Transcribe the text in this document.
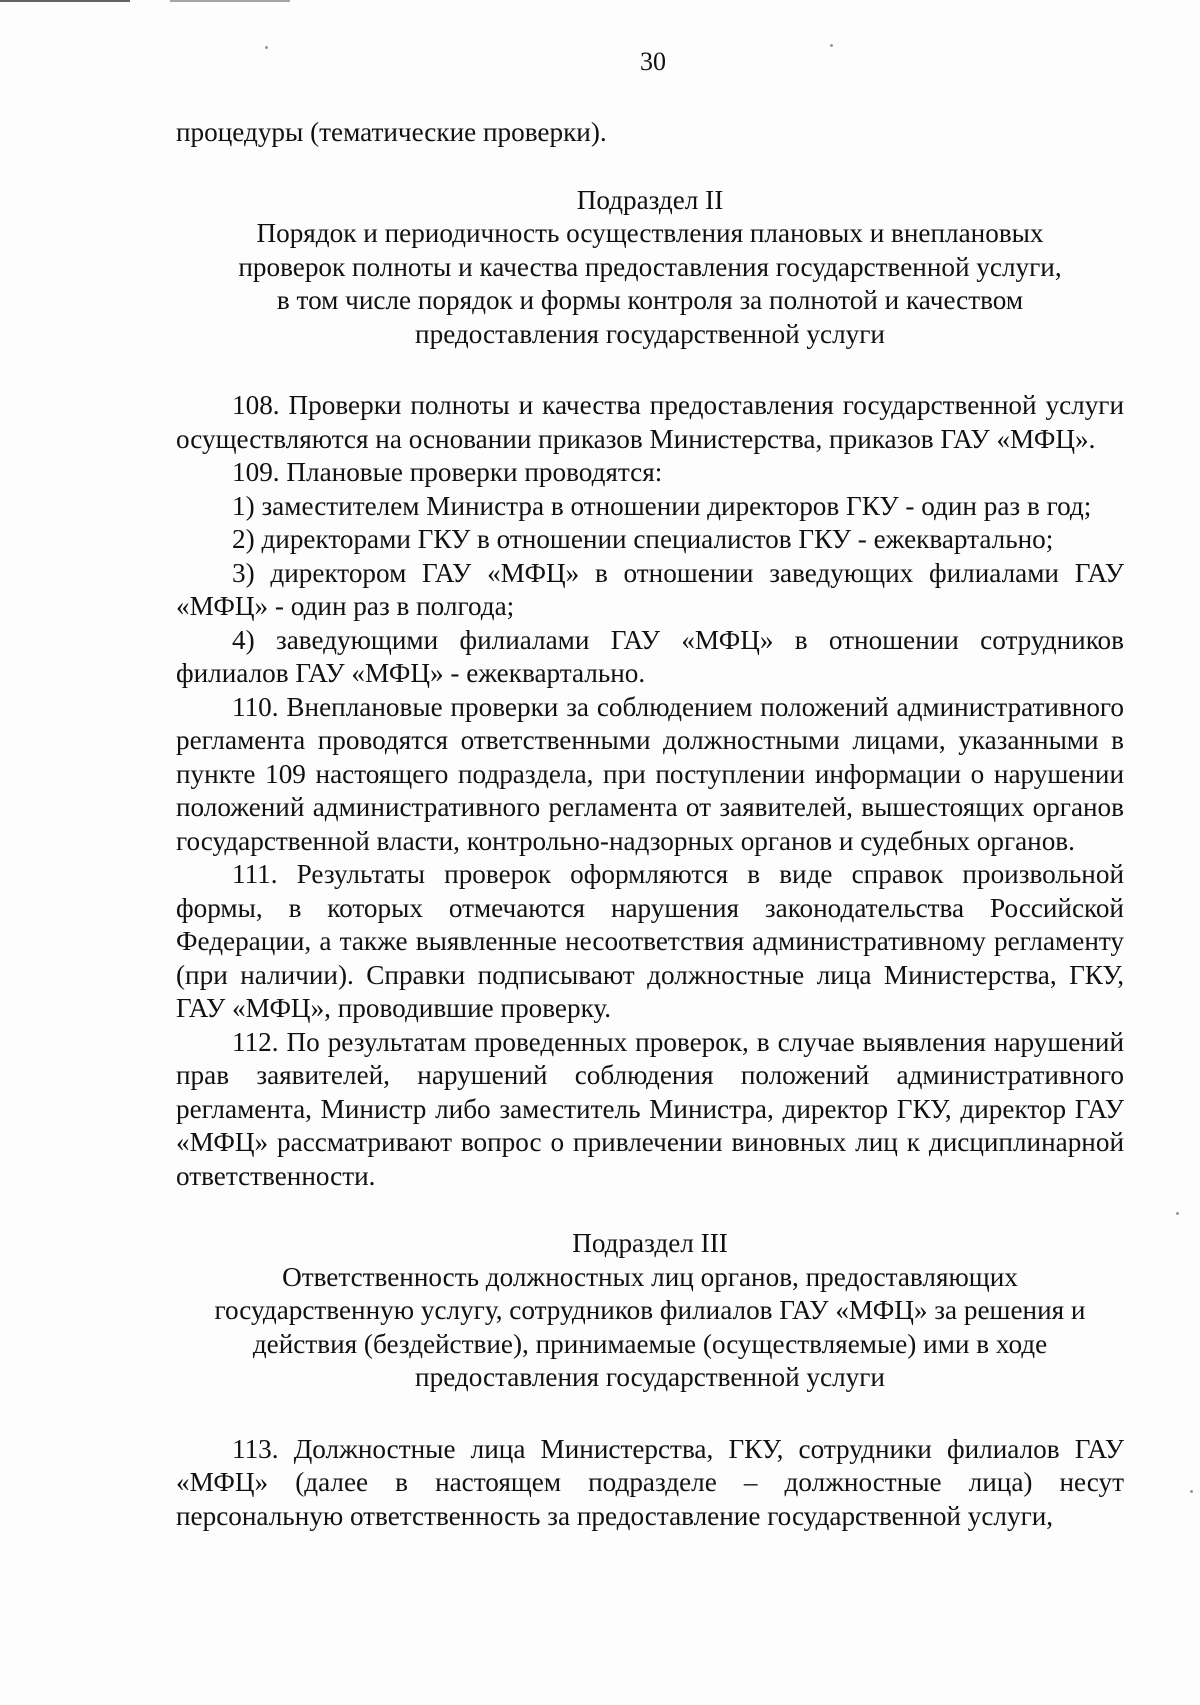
30

процедуры (тематические проверки).

Подраздел II
Порядок и периодичность осуществления плановых и внеплановых
проверок полноты и качества предоставления государственной услуги,
в том числе порядок и формы контроля за полнотой и качеством
предоставления государственной услуги

108. Проверки полноты и качества предоставления государственной услуги осуществляются на основании приказов Министерства, приказов ГАУ «МФЦ».

109. Плановые проверки проводятся:

1) заместителем Министра в отношении директоров ГКУ - один раз в год;

2) директорами ГКУ в отношении специалистов ГКУ - ежеквартально;

3) директором ГАУ «МФЦ» в отношении заведующих филиалами ГАУ «МФЦ» - один раз в полгода;

4) заведующими филиалами ГАУ «МФЦ» в отношении сотрудников филиалов ГАУ «МФЦ» - ежеквартально.

110. Внеплановые проверки за соблюдением положений административного регламента проводятся ответственными должностными лицами, указанными в пункте 109 настоящего подраздела, при поступлении информации о нарушении положений административного регламента от заявителей, вышестоящих органов государственной власти, контрольно-надзорных органов и судебных органов.

111. Результаты проверок оформляются в виде справок произвольной формы, в которых отмечаются нарушения законодательства Российской Федерации, а также выявленные несоответствия административному регламенту (при наличии). Справки подписывают должностные лица Министерства, ГКУ, ГАУ «МФЦ», проводившие проверку.

112. По результатам проведенных проверок, в случае выявления нарушений прав заявителей, нарушений соблюдения положений административного регламента, Министр либо заместитель Министра, директор ГКУ, директор ГАУ «МФЦ» рассматривают вопрос о привлечении виновных лиц к дисциплинарной ответственности.

Подраздел III
Ответственность должностных лиц органов, предоставляющих
государственную услугу, сотрудников филиалов ГАУ «МФЦ» за решения и
действия (бездействие), принимаемые (осуществляемые) ими в ходе
предоставления государственной услуги

113. Должностные лица Министерства, ГКУ, сотрудники филиалов ГАУ «МФЦ» (далее в настоящем подразделе – должностные лица) несут персональную ответственность за предоставление государственной услуги,
